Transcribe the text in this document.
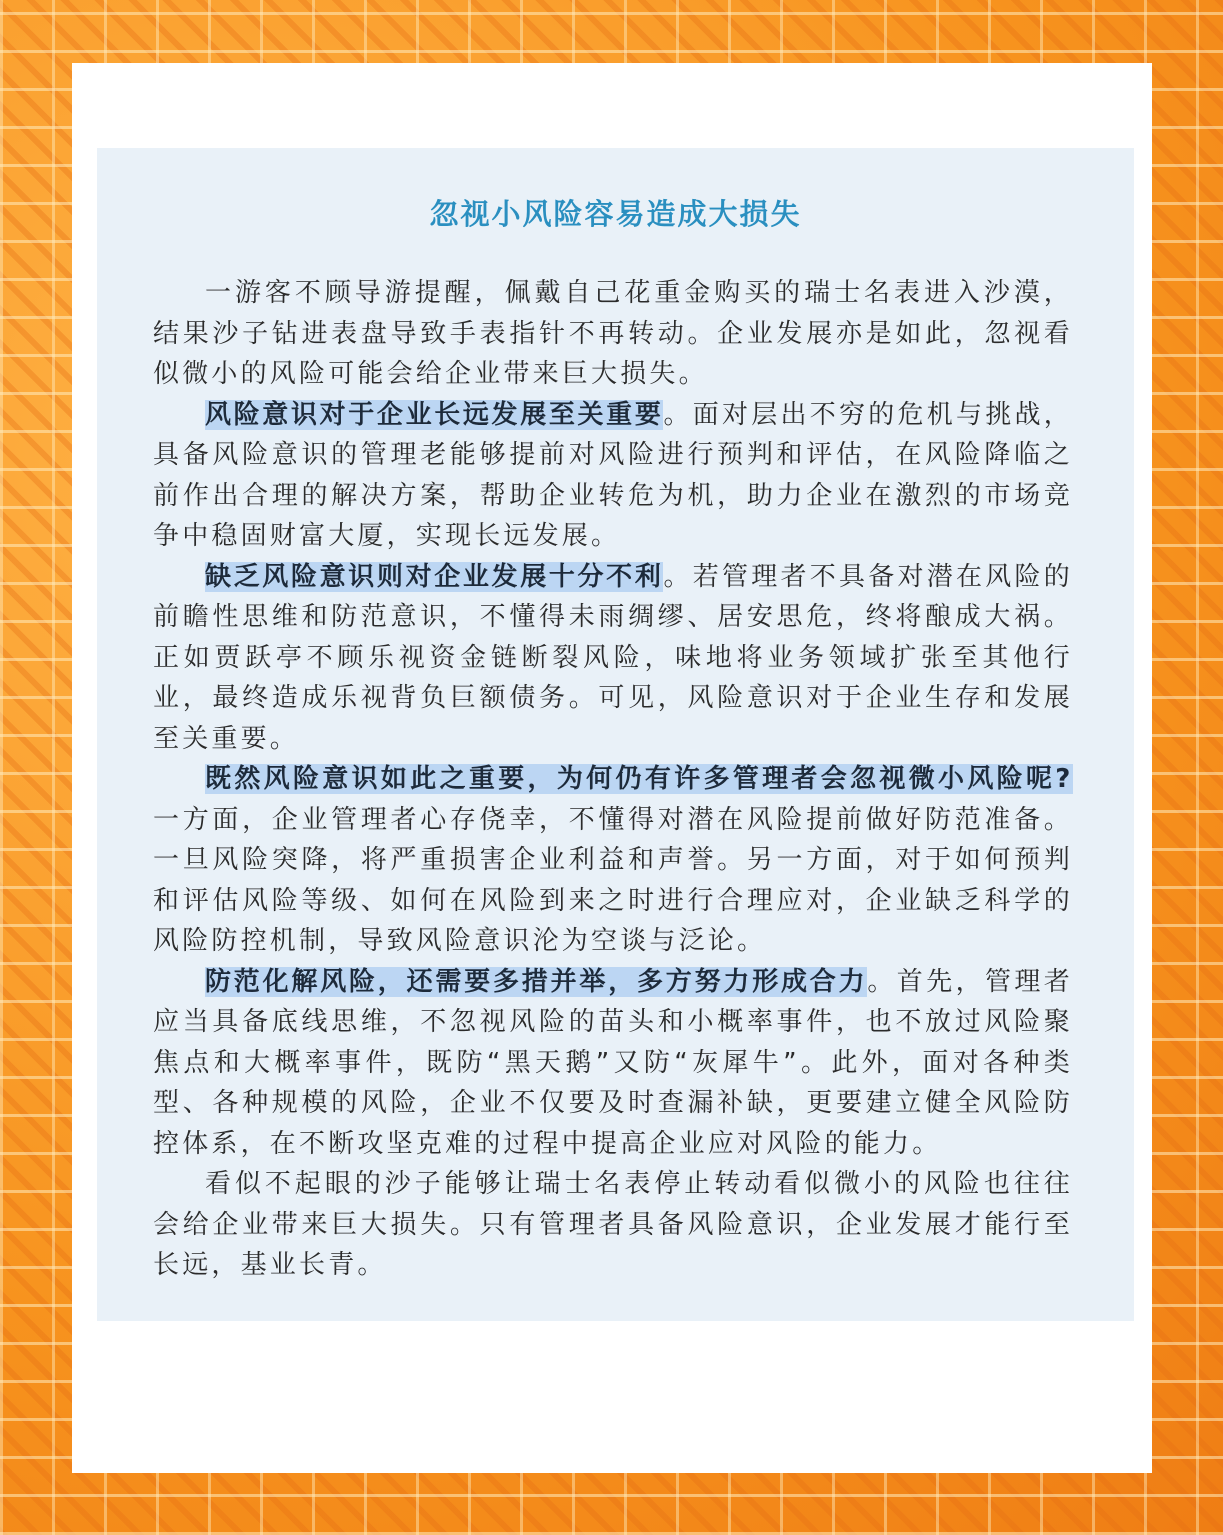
忽视小风险容易造成大损失

一游客不顾导游提醒，佩戴自己花重金购买的瑞士名表进入沙漠，结果沙子钻进表盘导致手表指针不再转动。企业发展亦是如此，忽视看似微小的风险可能会给企业带来巨大损失。

风险意识对于企业长远发展至关重要。面对层出不穷的危机与挑战，具备风险意识的管理老能够提前对风险进行预判和评估，在风险降临之前作出合理的解决方案，帮助企业转危为机，助力企业在激烈的市场竞争中稳固财富大厦，实现长远发展。

缺乏风险意识则对企业发展十分不利。若管理者不具备对潜在风险的前瞻性思维和防范意识，不懂得未雨绸缪、居安思危，终将酿成大祸。正如贾跃亭不顾乐视资金链断裂风险，味地将业务领域扩张至其他行业，最终造成乐视背负巨额债务。可见，风险意识对于企业生存和发展至关重要。

既然风险意识如此之重要，为何仍有许多管理者会忽视微小风险呢?一方面，企业管理者心存侥幸，不懂得对潜在风险提前做好防范准备。一旦风险突降，将严重损害企业利益和声誉。另一方面，对于如何预判和评估风险等级、如何在风险到来之时进行合理应对，企业缺乏科学的风险防控机制，导致风险意识沦为空谈与泛论。

防范化解风险，还需要多措并举，多方努力形成合力。首先，管理者应当具备底线思维，不忽视风险的苗头和小概率事件，也不放过风险聚焦点和大概率事件，既防“黑天鹅”又防“灰犀牛”。此外，面对各种类型、各种规模的风险，企业不仅要及时查漏补缺，更要建立健全风险防控体系，在不断攻坚克难的过程中提高企业应对风险的能力。

看似不起眼的沙子能够让瑞士名表停止转动看似微小的风险也往往会给企业带来巨大损失。只有管理者具备风险意识，企业发展才能行至长远，基业长青。
